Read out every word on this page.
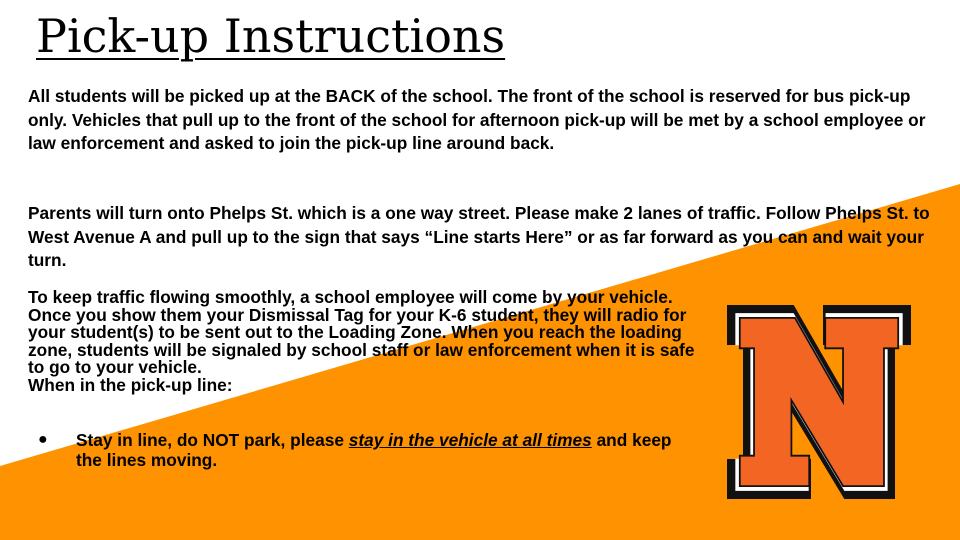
Pick-up Instructions

All students will be picked up at the BACK of the school. The front of the school is reserved for bus pick-up only. Vehicles that pull up to the front of the school for afternoon pick-up will be met by a school employee or law enforcement and asked to join the pick-up line around back.

Parents will turn onto Phelps St. which is a one way street. Please make 2 lanes of traffic. Follow Phelps St. to West Avenue A and pull up to the sign that says “Line starts Here” or as far forward as you can and wait your turn.

To keep traffic flowing smoothly, a school employee will come by your vehicle. Once you show them your Dismissal Tag for your K-6 student, they will radio for your student(s) to be sent out to the Loading Zone. When you reach the loading zone, students will be signaled by school staff or law enforcement when it is safe to go to your vehicle.
When in the pick-up line:

● Stay in line, do NOT park, please stay in the vehicle at all times and keep the lines moving.
